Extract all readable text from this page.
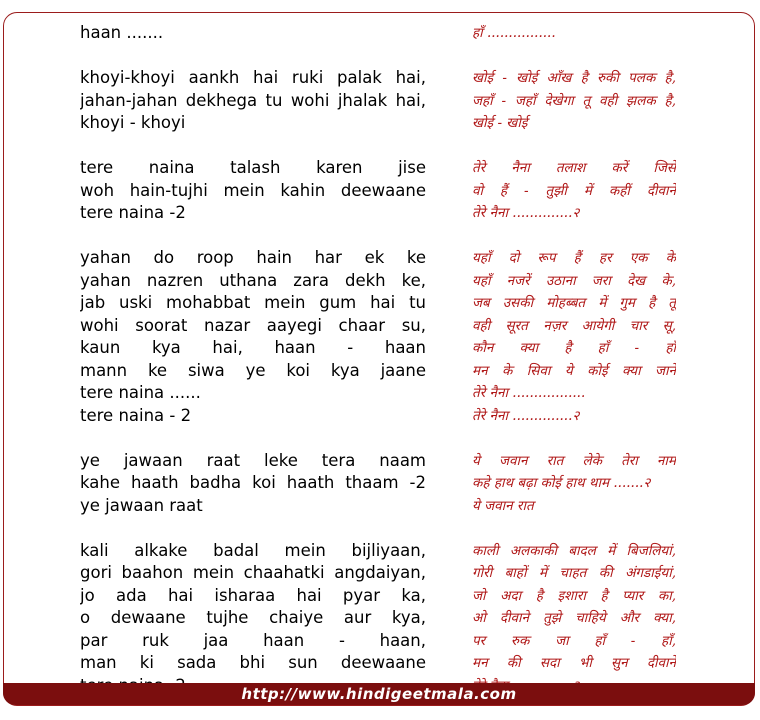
haan .......
khoyi-khoyi aankh hai ruki palak hai,
jahan-jahan dekhega tu wohi jhalak hai,
khoyi - khoyi
tere naina talash karen jise
woh hain-tujhi mein kahin deewaane
tere naina -2
yahan do roop hain har ek ke
yahan nazren uthana zara dekh ke,
jab uski mohabbat mein gum hai tu
wohi soorat nazar aayegi chaar su,
kaun kya hai, haan - haan
mann ke siwa ye koi kya jaane
tere naina ......
tere naina - 2
ye jawaan raat leke tera naam
kahe haath badha koi haath thaam -2
ye jawaan raat
kali alkake badal mein bijliyaan,
gori baahon mein chaahatki angdaiyan,
jo ada hai isharaa hai pyar ka,
o dewaane tujhe chaiye aur kya,
par ruk jaa haan - haan,
man ki sada bhi sun deewaane
हाँ ................
खोई - खोई आँख है रुकी पलक है,
जहाँ - जहाँ देखेगा तू वही झलक है,
खोई - खोई
तेरे नैना तलाश करें जिसे
वो हैं - तुझी में कहीं दीवाने
तेरे नैना ..............२
यहाँ दो रूप हैं हर एक के
यहाँ नजरें उठाना जरा देख के,
जब उसकी मोहब्बत में गुम है तू
वही सूरत नज़र आयेगी चार सू,
कौन क्या है हाँ - हाँ
मन के सिवा ये कोई क्या जाने
तेरे नैना .................
तेरे नैना ..............२
ये जवान रात लेके तेरा नाम
कहे हाथ बढ़ा कोई हाथ थाम .......२
ये जवान रात
काली अलकाकी बादल में बिजलियां,
गोरी बाहों में चाहत की अंगडाईयां,
जो अदा है इशारा है प्यार का,
ओ दीवाने तुझे चाहिये और क्या,
पर रुक जा हाँ - हाँ,
मन की सदा भी सुन दीवाने
http://www.hindigeetmala.com
